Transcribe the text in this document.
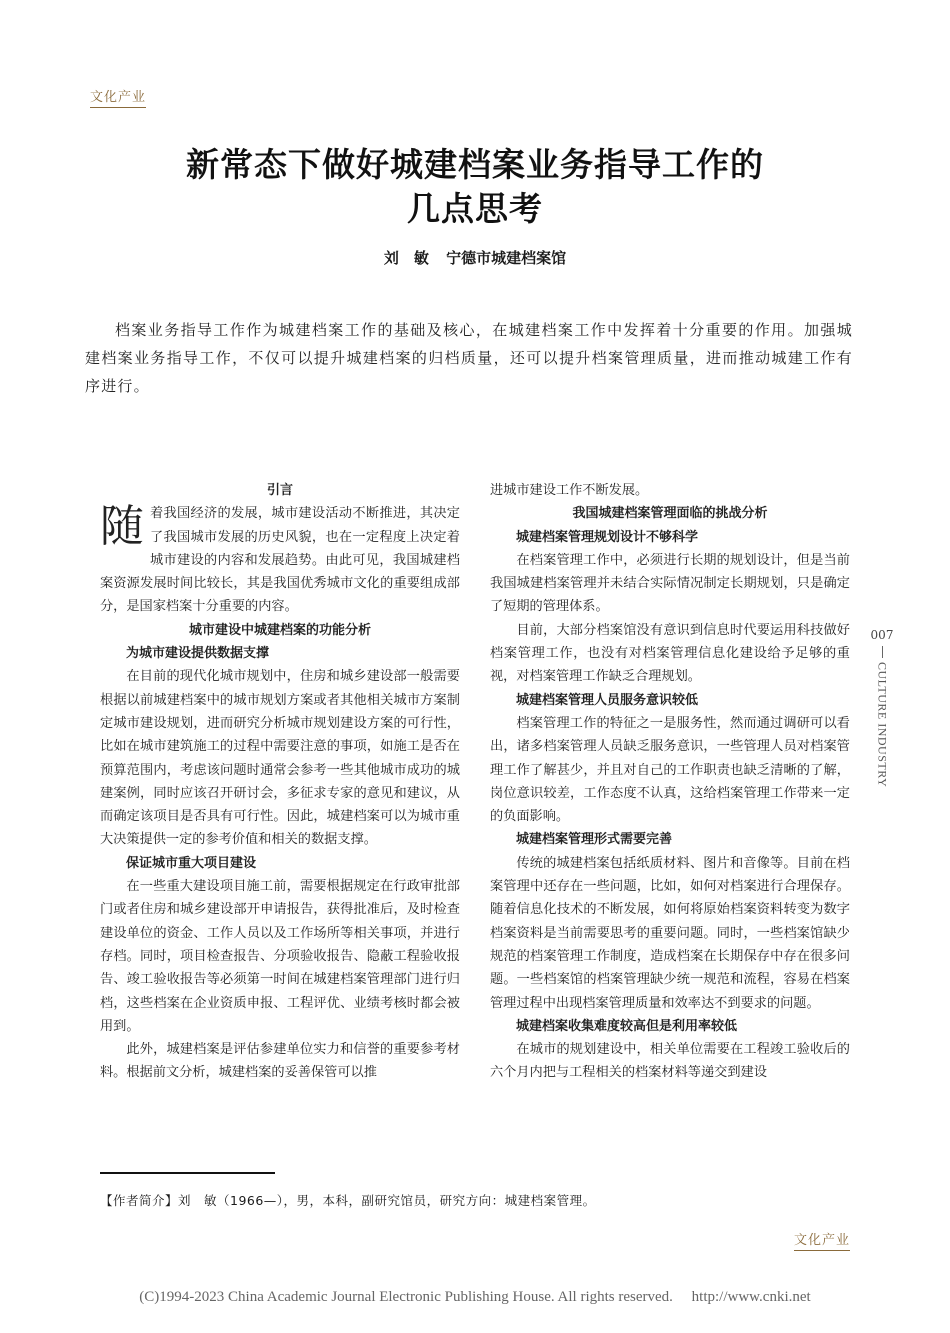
文化产业
新常态下做好城建档案业务指导工作的
几点思考
刘　敏 宁德市城建档案馆

档案业务指导工作作为城建档案工作的基础及核心，在城建档案工作中发挥着十分重要的作用。加强城建档案业务指导工作，不仅可以提升城建档案的归档质量，还可以提升档案管理质量，进而推动城建工作有序进行。

引言

随着我国经济的发展，城市建设活动不断推进，其决定了我国城市发展的历史风貌，也在一定程度上决定着城市建设的内容和发展趋势。由此可见，我国城建档案资源发展时间比较长，其是我国优秀城市文化的重要组成部分，是国家档案十分重要的内容。

城市建设中城建档案的功能分析

为城市建设提供数据支撑

在目前的现代化城市规划中，住房和城乡建设部一般需要根据以前城建档案中的城市规划方案或者其他相关城市方案制定城市建设规划，进而研究分析城市规划建设方案的可行性，比如在城市建筑施工的过程中需要注意的事项，如施工是否在预算范围内，考虑该问题时通常会参考一些其他城市成功的城建案例，同时应该召开研讨会，多征求专家的意见和建议，从而确定该项目是否具有可行性。因此，城建档案可以为城市重大决策提供一定的参考价值和相关的数据支撑。

保证城市重大项目建设

在一些重大建设项目施工前，需要根据规定在行政审批部门或者住房和城乡建设部开申请报告，获得批准后，及时检查建设单位的资金、工作人员以及工作场所等相关事项，并进行存档。同时，项目检查报告、分项验收报告、隐蔽工程验收报告、竣工验收报告等必须第一时间在城建档案管理部门进行归档，这些档案在企业资质申报、工程评优、业绩考核时都会被用到。

此外，城建档案是评估参建单位实力和信誉的重要参考材料。根据前文分析，城建档案的妥善保管可以推

进城市建设工作不断发展。

我国城建档案管理面临的挑战分析

城建档案管理规划设计不够科学

在档案管理工作中，必须进行长期的规划设计，但是当前我国城建档案管理并未结合实际情况制定长期规划，只是确定了短期的管理体系。

目前，大部分档案馆没有意识到信息时代要运用科技做好档案管理工作，也没有对档案管理信息化建设给予足够的重视，对档案管理工作缺乏合理规划。

城建档案管理人员服务意识较低

档案管理工作的特征之一是服务性，然而通过调研可以看出，诸多档案管理人员缺乏服务意识，一些管理人员对档案管理工作了解甚少，并且对自己的工作职责也缺乏清晰的了解，岗位意识较差，工作态度不认真，这给档案管理工作带来一定的负面影响。

城建档案管理形式需要完善

传统的城建档案包括纸质材料、图片和音像等。目前在档案管理中还存在一些问题，比如，如何对档案进行合理保存。随着信息化技术的不断发展，如何将原始档案资料转变为数字档案资料是当前需要思考的重要问题。同时，一些档案馆缺少规范的档案管理工作制度，造成档案在长期保存中存在很多问题。一些档案馆的档案管理缺少统一规范和流程，容易在档案管理过程中出现档案管理质量和效率达不到要求的问题。

城建档案收集难度较高但是利用率较低

在城市的规划建设中，相关单位需要在工程竣工验收后的六个月内把与工程相关的档案材料等递交到建设

007
CULTURE INDUSTRY
【作者简介】刘　敏（1966—），男，本科，副研究馆员，研究方向：城建档案管理。
文化产业
(C)1994-2023 China Academic Journal Electronic Publishing House. All rights reserved.　 http://www.cnki.net
